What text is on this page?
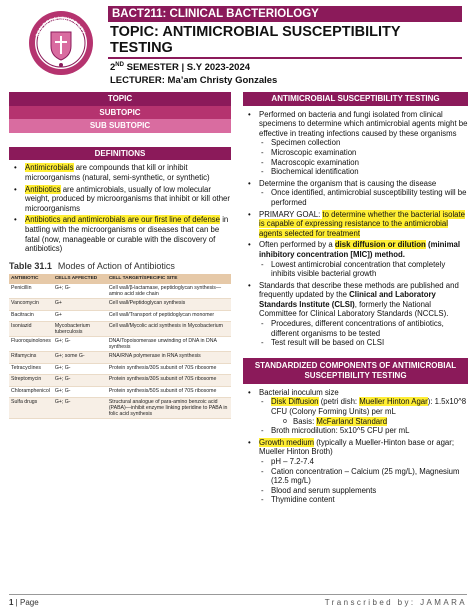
SAN BEDA UNIVERSITY
BACT211: CLINICAL BACTERIOLOGY
TOPIC: ANTIMICROBIAL SUSCEPTIBILITY TESTING
2ND SEMESTER | S.Y 2023-2024
LECTURER: Ma’am Christy Gonzales
TOPIC
SUBTOPIC
SUB SUBTOPIC
DEFINITIONS
• Antimicrobials are compounds that kill or inhibit microorganisms (natural, semi-synthetic, or synthetic)
• Antibiotics are antimicrobials, usually of low molecular weight, produced by microorganisms that inhibit or kill other microorganisms
• Antibiotics and antimicrobials are our first line of defense in battling with the microorganisms or diseases that can be fatal (now, manageable or curable with the discovery of antibiotics)
Table 31.1 Modes of Action of Antibiotics
ANTIBIOTIC	CELLS AFFECTED	CELL TARGET/SPECIFIC SITE
Penicillin	G+; G-	Cell wall/β-lactamase, peptidoglycan synthesis—amino acid side chain
Vancomycin	G+	Cell wall/Peptidoglycan synthesis
Bacitracin	G+	Cell wall/Transport of peptidoglycan monomer
Isoniazid	Mycobacterium tuberculosis	Cell wall/Mycolic acid synthesis in Mycobacterium
Fluoroquinolones	G+; G-	DNA/Topoisomerase unwinding of DNA in DNA synthesis
Rifamycins	G+; some G-	RNA/RNA polymerase in RNA synthesis
Tetracyclines	G+; G-	Protein synthesis/30S subunit of 70S ribosome
Streptomycin	G+; G-	Protein synthesis/30S subunit of 70S ribosome
Chloramphenicol	G+; G-	Protein synthesis/50S subunit of 70S ribosome
Sulfa drugs	G+; G-	Structural analogue of para-amino benzoic acid (PABA)—inhibit enzyme linking pteridine to PABA in folic acid synthesis
ANTIMICROBIAL SUSCEPTIBILITY TESTING
• Performed on bacteria and fungi isolated from clinical specimens to determine which antimicrobial agents might be effective in treating infections caused by these organisms
- Specimen collection
- Microscopic examination
- Macroscopic examination
- Biochemical identification
• Determine the organism that is causing the disease
- Once identified, antimicrobial susceptibility testing will be performed
• PRIMARY GOAL: to determine whether the bacterial isolate is capable of expressing resistance to the antimicrobial agents selected for treatment
• Often performed by a disk diffusion or dilution (minimal inhibitory concentration [MIC]) method.
- Lowest antimicrobial concentration that completely inhibits visible bacterial growth
• Standards that describe these methods are published and frequently updated by the Clinical and Laboratory Standards Institute (CLSI), formerly the National Committee for Clinical Laboratory Standards (NCCLS).
- Procedures, different concentrations of antibiotics, different organisms to be tested
- Test result will be based on CLSI
STANDARDIZED COMPONENTS OF ANTIMICROBIAL SUSCEPTIBILITY TESTING
• Bacterial inoculum size
- Disk Diffusion (petri dish: Mueller Hinton Agar): 1.5x10^8 CFU (Colony Forming Units) per mL
o Basis: McFarland Standard
- Broth microdilution: 5x10^5 CFU per mL
• Growth medium (typically a Mueller-Hinton base or agar; Mueller Hinton Broth)
- pH – 7.2-7.4
- Cation concentration – Calcium (25 mg/L), Magnesium (12.5 mg/L)
- Blood and serum supplements
- Thymidine content
1 | Page	Transcribed by: JAMARA
